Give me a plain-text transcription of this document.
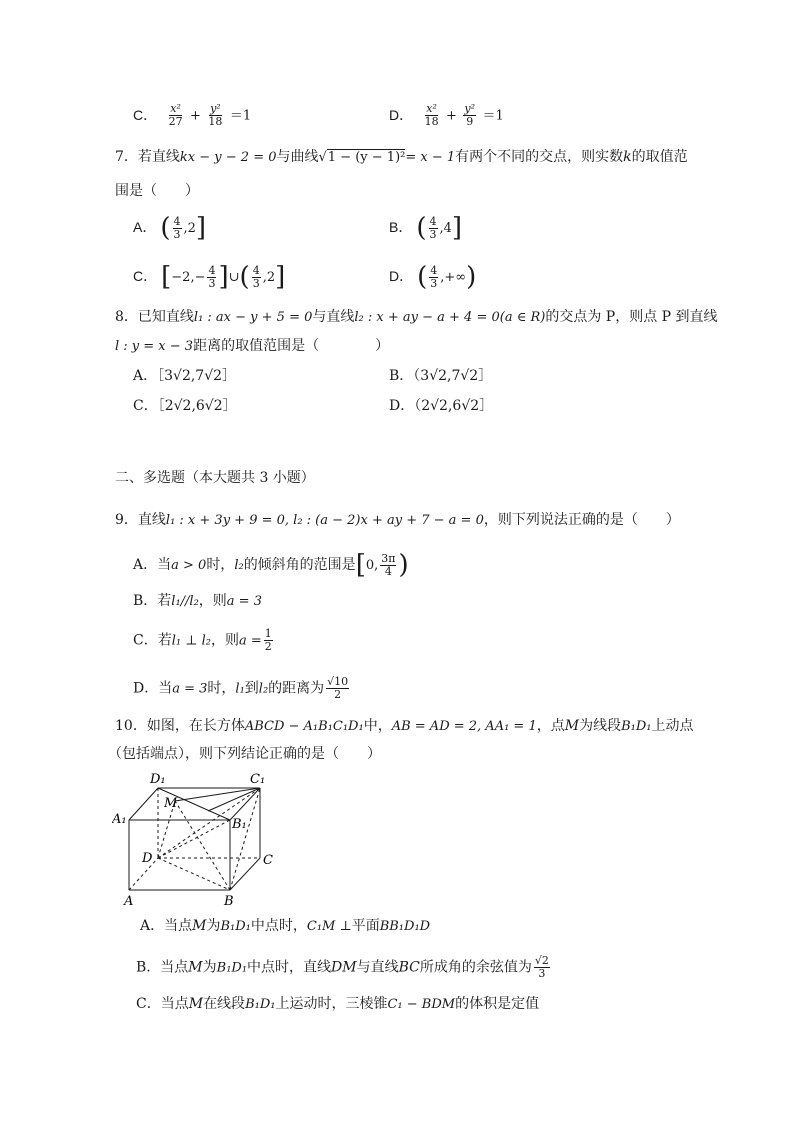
C． $\frac{\text{x²}}{27} + \frac{\text{y²}}{18} =1$	D． $\frac{\text{x²}}{18} + \frac{\text{y²}}{9} =1$
7．若直线kx − y − 2 = 0与曲线√1 − (y − 1)²= x − 1有两个不同的交点，则实数k的取值范
围是（　　）
A． ( $\frac{4}{3} ,2$]	B． ( $\frac{4}{3} ,4$]
C． [$-2,- \frac{4}{3}$ ]∪( $\frac{4}{3} ,2$]	D． ( $\frac{4}{3}$ ,+∞)
8．已知直线l₁ : ax − y + 5 = 0与直线l₂ : x + ay − a + 4 = 0(a ∈ R)的交点为 P，则点 P 到直线
l : y = x − 3距离的取值范围是（　　　　）
A．［3√2,7√2］	B．（3√2,7√2］
C．［2√2,6√2］	D．（2√2,6√2］
二、多选题（本大题共 3 小题）
9．直线l₁ : x + 3y + 9 = 0, l₂ : (a − 2)x + ay + 7 − a = 0，则下列说法正确的是（　　）
A．当a > 0时，l₂的倾斜角的范围是[0, $\frac{3\pi}{4}$ )
B．若l₁//l₂，则a = 3
C．若l₁ ⊥ l₂，则$a = \frac{1}{2}$
D．当a = 3时，l₁到l₂的距离为 $\frac{√10}{2}$
10．如图，在长方体ABCD − A₁B₁C₁D₁中，AB = AD = 2, AA₁ = 1，点M为线段B₁D₁上动点
（包括端点），则下列结论正确的是（　　）
D₁	C₁
M
A₁	B₁
D	C
A	B
A．当点M为B₁D₁中点时，C₁M ⊥平面BB₁D₁D
B．当点M为B₁D₁中点时，直线DM与直线BC所成角的余弦值为 $\frac{√2}{3}$
C．当点M在线段B₁D₁上运动时，三棱锥C₁ − BDM的体积是定值
